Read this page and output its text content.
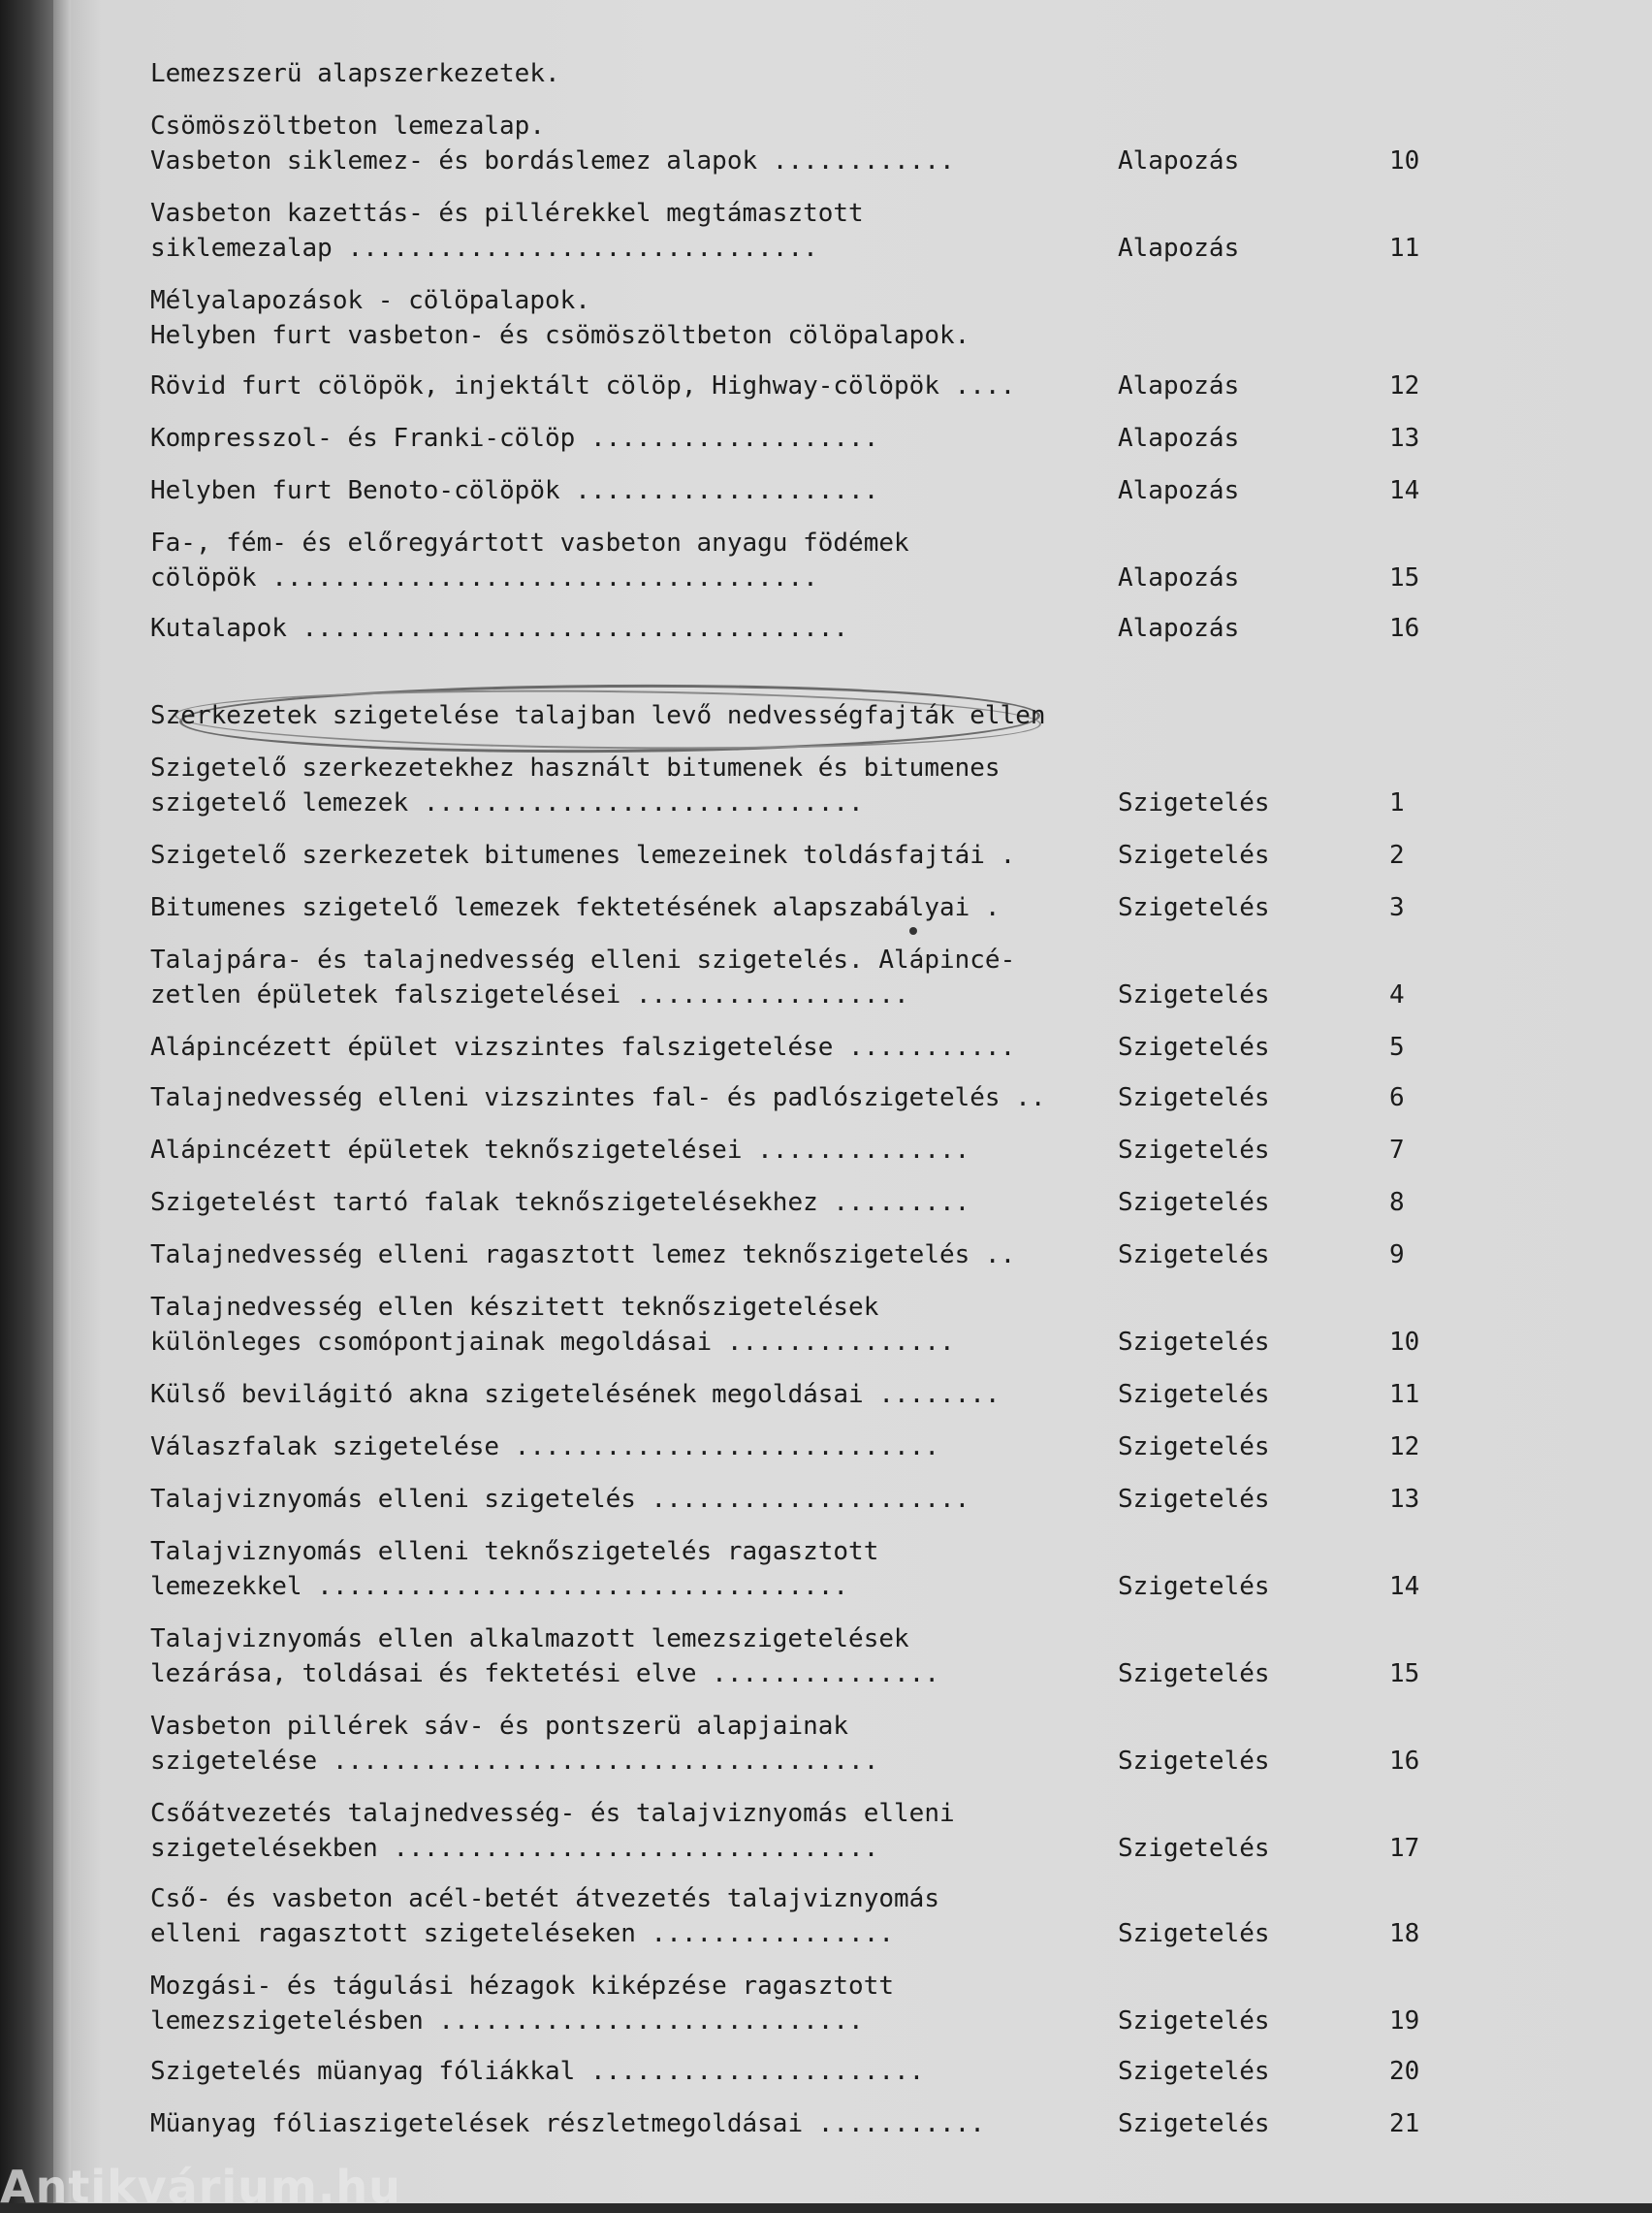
Lemezszerü alapszerkezetek.
Csömöszöltbeton lemezalap.
Vasbeton siklemez- és bordáslemez alapok ............	Alapozás	10
Vasbeton kazettás- és pillérekkel megtámasztott
siklemezalap ...............................	Alapozás	11
Mélyalapozások - cölöpalapok.
Helyben furt vasbeton- és csömöszöltbeton cölöpalapok.
Rövid furt cölöpök, injektált cölöp, Highway-cölöpök ....	Alapozás	12
Kompresszol- és Franki-cölöp ...................	Alapozás	13
Helyben furt Benoto-cölöpök ....................	Alapozás	14
Fa-, fém- és előregyártott vasbeton anyagu födémek
cölöpök ....................................	Alapozás	15
Kutalapok ....................................	Alapozás	16
Szerkezetek szigetelése talajban levő nedvességfajták ellen
Szigetelő szerkezetekhez használt bitumenek és bitumenes
szigetelő lemezek .............................	Szigetelés	1
Szigetelő szerkezetek bitumenes lemezeinek toldásfajtái .	Szigetelés	2
Bitumenes szigetelő lemezek fektetésének alapszabályai .	Szigetelés	3
Talajpára- és talajnedvesség elleni szigetelés. Alápincé-
zetlen épületek falszigetelései ..................	Szigetelés	4
Alápincézett épület vizszintes falszigetelése ...........	Szigetelés	5
Talajnedvesség elleni vizszintes fal- és padlószigetelés ..	Szigetelés	6
Alápincézett épületek teknőszigetelései ..............	Szigetelés	7
Szigetelést tartó falak teknőszigetelésekhez .........	Szigetelés	8
Talajnedvesség elleni ragasztott lemez teknőszigetelés ..	Szigetelés	9
Talajnedvesség ellen készitett teknőszigetelések
különleges csomópontjainak megoldásai ...............	Szigetelés	10
Külső bevilágitó akna szigetelésének megoldásai ........	Szigetelés	11
Válaszfalak szigetelése ............................	Szigetelés	12
Talajviznyomás elleni szigetelés .....................	Szigetelés	13
Talajviznyomás elleni teknőszigetelés ragasztott
lemezekkel ...................................	Szigetelés	14
Talajviznyomás ellen alkalmazott lemezszigetelések
lezárása, toldásai és fektetési elve ...............	Szigetelés	15
Vasbeton pillérek sáv- és pontszerü alapjainak
szigetelése ....................................	Szigetelés	16
Csőátvezetés talajnedvesség- és talajviznyomás elleni
szigetelésekben ................................	Szigetelés	17
Cső- és vasbeton acél-betét átvezetés talajviznyomás
elleni ragasztott szigeteléseken ................	Szigetelés	18
Mozgási- és tágulási hézagok kiképzése ragasztott
lemezszigetelésben ............................	Szigetelés	19
Szigetelés müanyag fóliákkal ......................	Szigetelés	20
Müanyag fóliaszigetelések részletmegoldásai ...........	Szigetelés	21
Antikvárium.hu
